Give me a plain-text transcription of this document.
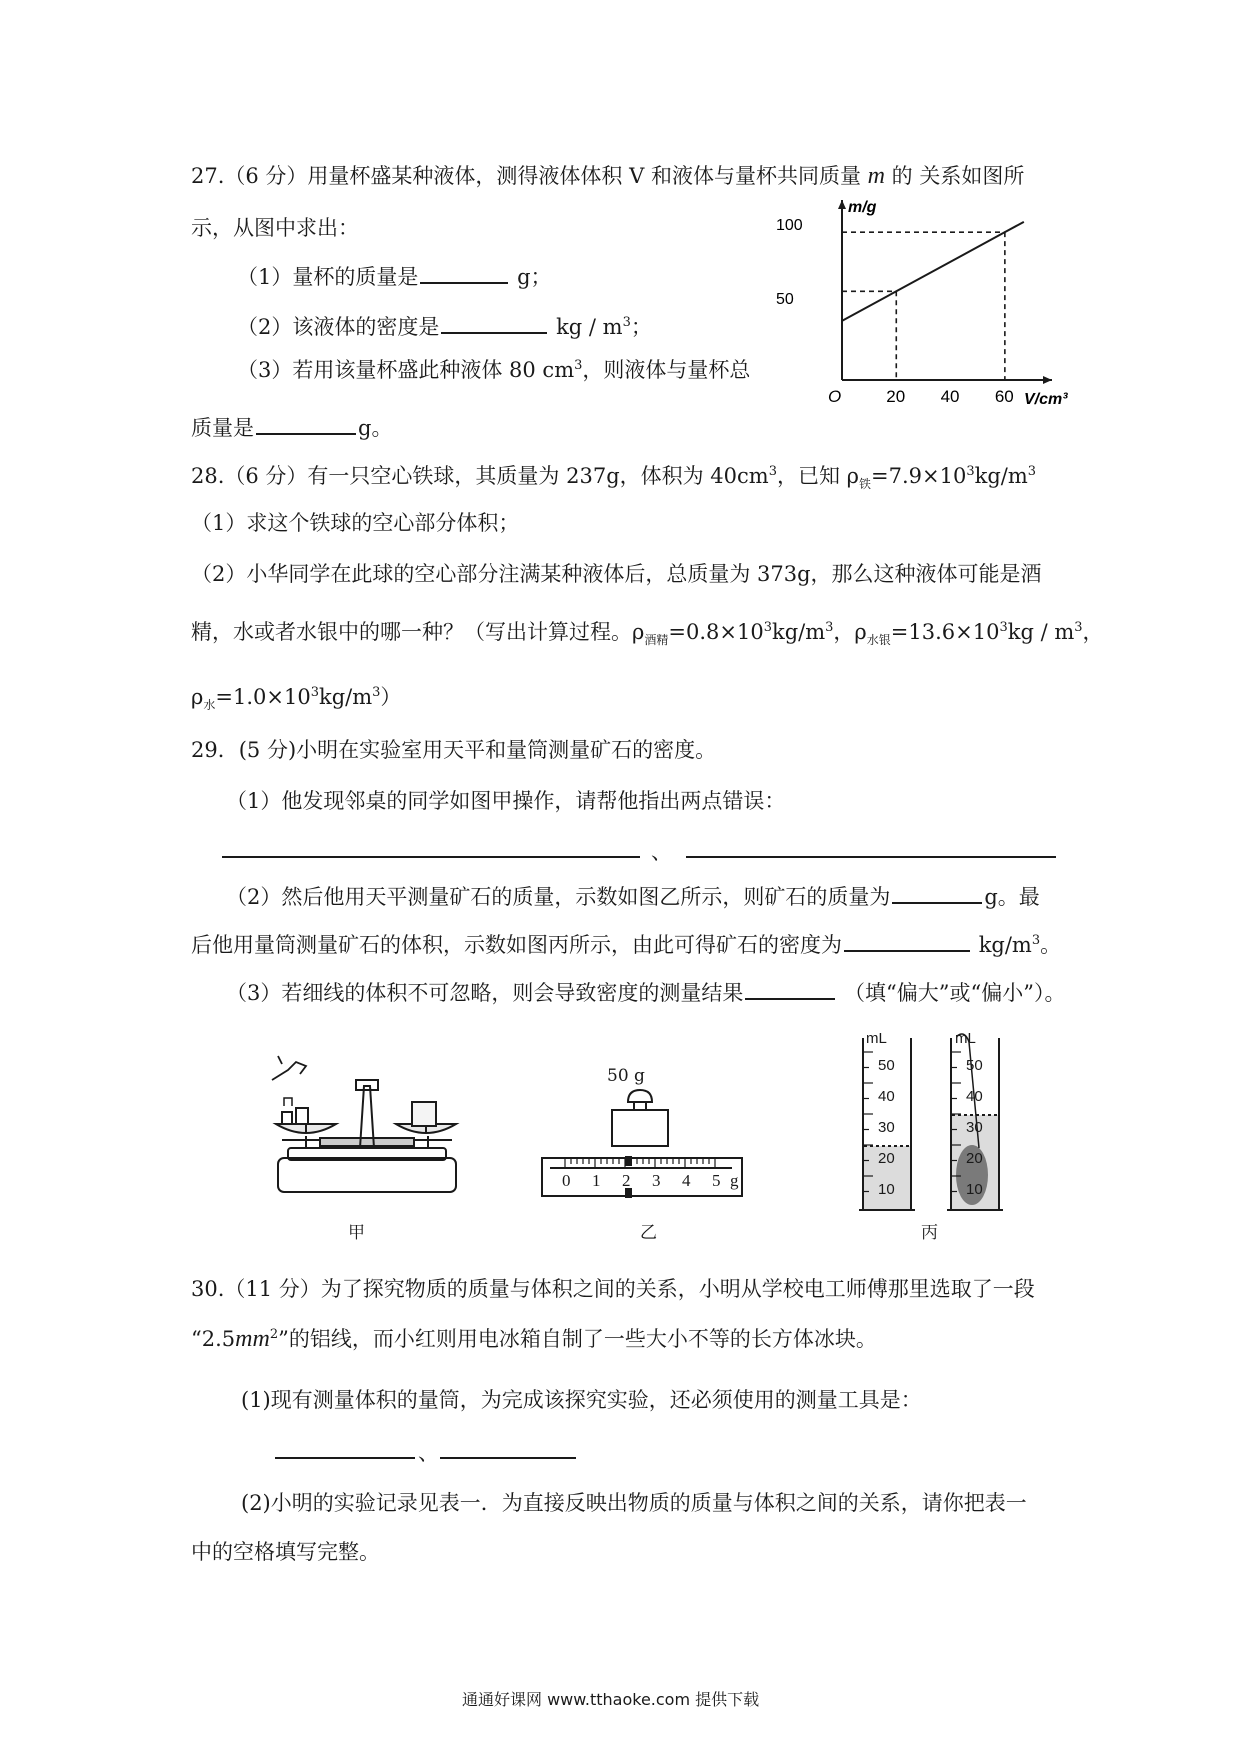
27.（6 分）用量杯盛某种液体，测得液体体积 V 和液体与量杯共同质量 m 的 关系如图所
示，从图中求出：
（1）量杯的质量是	g；
（2）该液体的密度是	kg / $m^3$；
（3）若用该量杯盛此种液体 80 $cm^3$，则液体与量杯总
质量是	g。
m/g
V/cm³
O	20 40 60
50
100
28.（6 分）有一只空心铁球，其质量为 237g，体积为 $40cm^3$，已知 $\rho_铁=7.9\times 10^3kg/m^3$
（1）求这个铁球的空心部分体积；
（2）小华同学在此球的空心部分注满某种液体后，总质量为 373g，那么这种液体可能是酒
精，水或者水银中的哪一种？（写出计算过程。$\rho_{酒精}=0.8\times 10^3kg/m^3$，$\rho_{水银}=13.6\times 10^3kg / m^3$，
$\rho_水=1.0\times 10^3kg/m^3$）
29．(5 分)小明在实验室用天平和量筒测量矿石的密度。
（1）他发现邻桌的同学如图甲操作，请帮他指出两点错误：
、
（2）然后他用天平测量矿石的质量，示数如图乙所示，则矿石的质量为	g。最
后他用量筒测量矿石的体积，示数如图丙所示，由此可得矿石的密度为	$kg/m^3$。
（3）若细线的体积不可忽略，则会导致密度的测量结果	（填“偏大”或“偏小”）。
甲
50 g
0 1 2 3 4 5 g
乙
mL	mL
50
40
30
20
10
50
40
30
20
10
丙
30.（11 分）为了探究物质的质量与体积之间的关系，小明从学校电工师傅那里选取了一段
“$2.5mm^2$”的铝线，而小红则用电冰箱自制了一些大小不等的长方体冰块。
(1)现有测量体积的量筒，为完成该探究实验，还必须使用的测量工具是：
、
(2)小明的实验记录见表一．为直接反映出物质的质量与体积之间的关系，请你把表一
中的空格填写完整。
通通好课网 www.tthaoke.com 提供下载
